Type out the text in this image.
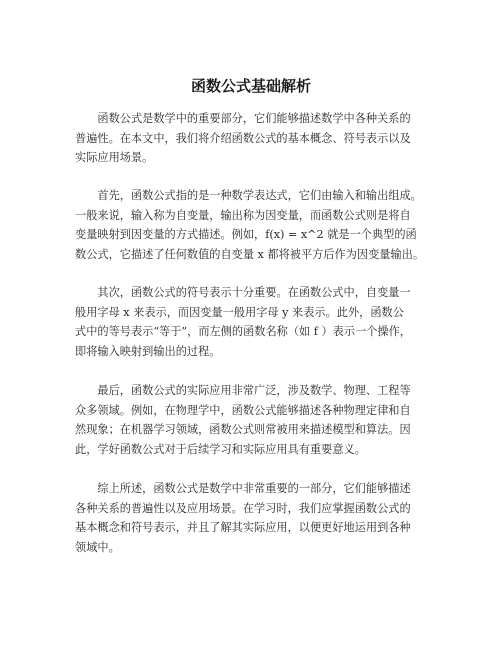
函数公式基础解析
　　函数公式是数学中的重要部分，它们能够描述数学中各种关系的
普遍性。在本文中，我们将介绍函数公式的基本概念、符号表示以及
实际应用场景。
　　首先，函数公式指的是一种数学表达式，它们由输入和输出组成。
一般来说，输入称为自变量，输出称为因变量，而函数公式则是将自
变量映射到因变量的方式描述。例如，f(x) = x^2 就是一个典型的函
数公式，它描述了任何数值的自变量 x 都将被平方后作为因变量输出。
　　其次，函数公式的符号表示十分重要。在函数公式中，自变量一
般用字母 x 来表示，而因变量一般用字母 y 来表示。此外，函数公
式中的等号表示“等于”，而左侧的函数名称（如 f ）表示一个操作，
即将输入映射到输出的过程。
　　最后，函数公式的实际应用非常广泛，涉及数学、物理、工程等
众多领域。例如，在物理学中，函数公式能够描述各种物理定律和自
然现象；在机器学习领域，函数公式则常被用来描述模型和算法。因
此，学好函数公式对于后续学习和实际应用具有重要意义。
　　综上所述，函数公式是数学中非常重要的一部分，它们能够描述
各种关系的普遍性以及应用场景。在学习时，我们应掌握函数公式的
基本概念和符号表示，并且了解其实际应用，以便更好地运用到各种
领域中。
